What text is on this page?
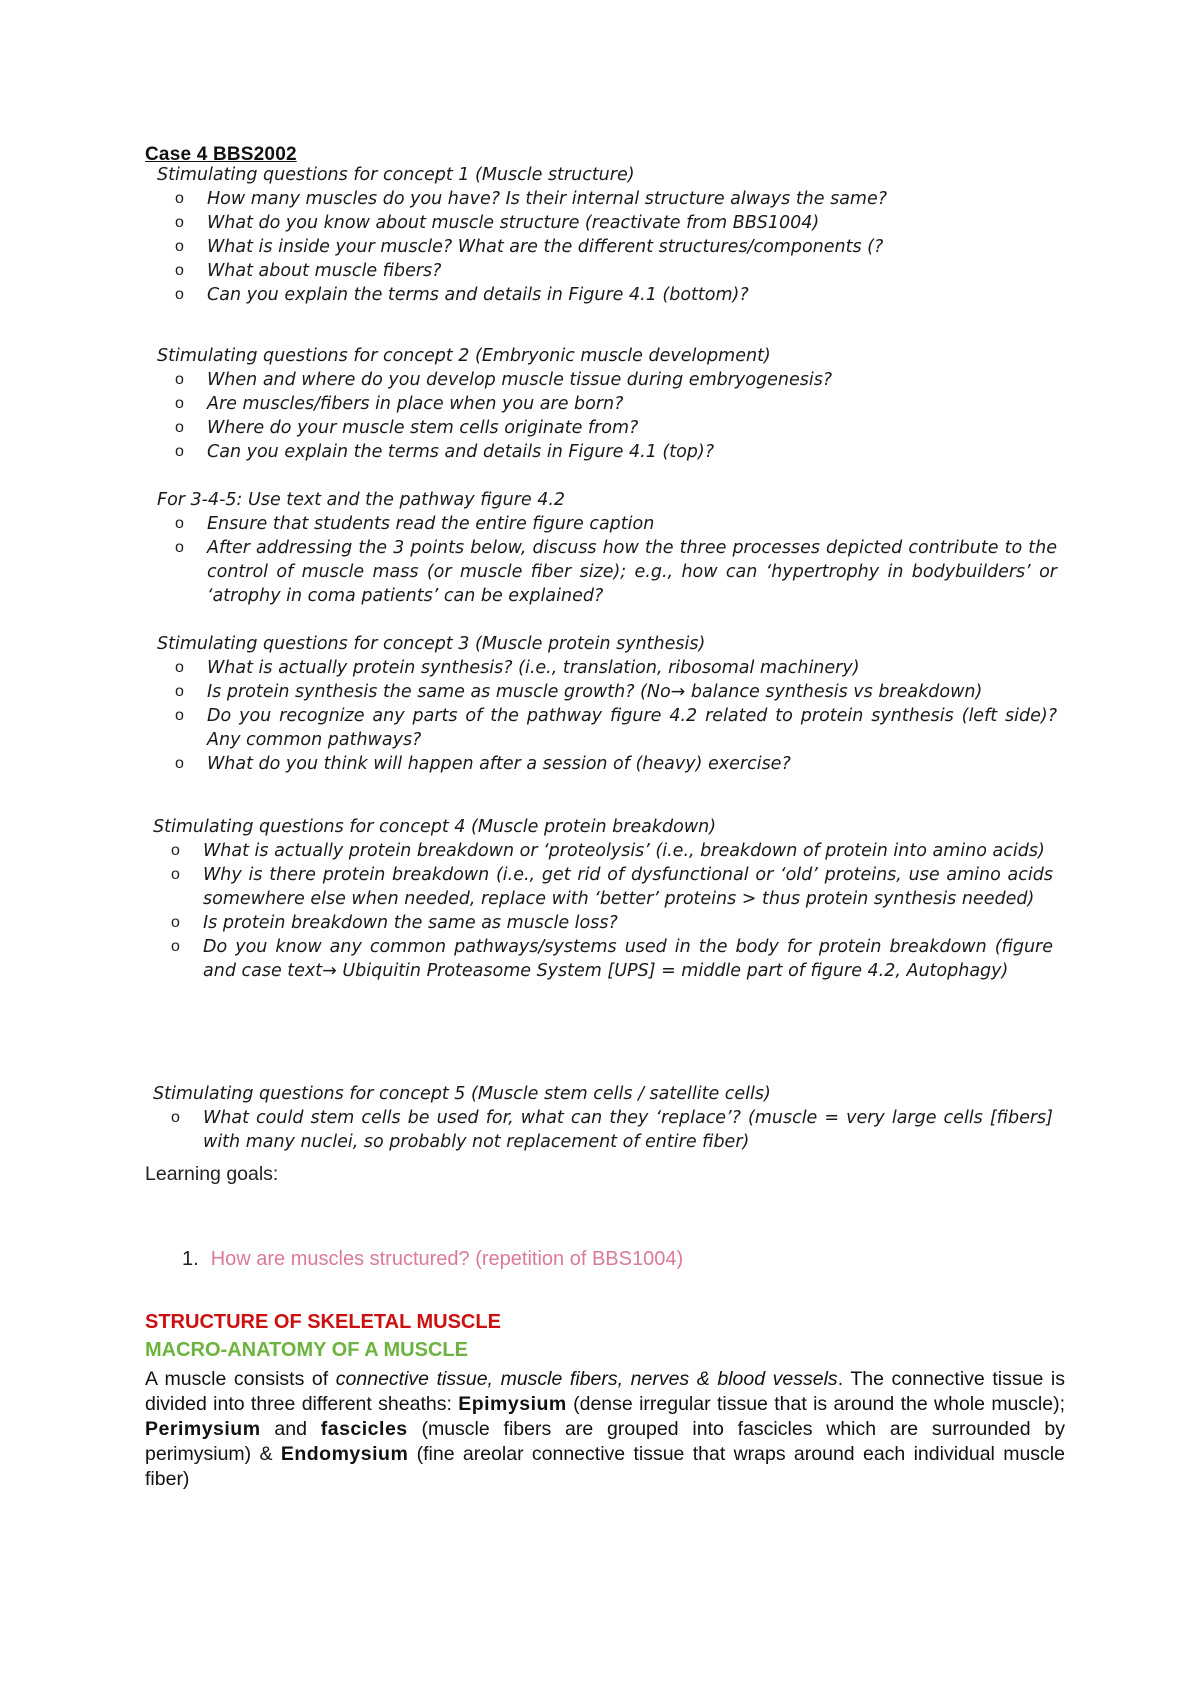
Case 4 BBS2002

Stimulating questions for concept 1 (Muscle structure)

o How many muscles do you have? Is their internal structure always the same?
o What do you know about muscle structure (reactivate from BBS1004)
o What is inside your muscle? What are the different structures/components (?
o What about muscle fibers?
o Can you explain the terms and details in Figure 4.1 (bottom)?

Stimulating questions for concept 2 (Embryonic muscle development)

o When and where do you develop muscle tissue during embryogenesis?
o Are muscles/fibers in place when you are born?
o Where do your muscle stem cells originate from?
o Can you explain the terms and details in Figure 4.1 (top)?

For 3-4-5: Use text and the pathway figure 4.2

o Ensure that students read the entire figure caption
o After addressing the 3 points below, discuss how the three processes depicted contribute to the control of muscle mass (or muscle fiber size); e.g., how can ‘hypertrophy in bodybuilders’ or ‘atrophy in coma patients’ can be explained?

Stimulating questions for concept 3 (Muscle protein synthesis)

o What is actually protein synthesis? (i.e., translation, ribosomal machinery)
o Is protein synthesis the same as muscle growth? (No→ balance synthesis vs breakdown)
o Do you recognize any parts of the pathway figure 4.2 related to protein synthesis (left side)? Any common pathways?
o What do you think will happen after a session of (heavy) exercise?

Stimulating questions for concept 4 (Muscle protein breakdown)

o What is actually protein breakdown or ‘proteolysis’ (i.e., breakdown of protein into amino acids)
o Why is there protein breakdown (i.e., get rid of dysfunctional or ‘old’ proteins, use amino acids somewhere else when needed, replace with ‘better’ proteins > thus protein synthesis needed)
o Is protein breakdown the same as muscle loss?
o Do you know any common pathways/systems used in the body for protein breakdown (figure and case text→ Ubiquitin Proteasome System [UPS] = middle part of figure 4.2, Autophagy)

Stimulating questions for concept 5 (Muscle stem cells / satellite cells)

o What could stem cells be used for, what can they ‘replace’? (muscle = very large cells [fibers] with many nuclei, so probably not replacement of entire fiber)
Learning goals:
1. How are muscles structured? (repetition of BBS1004)
STRUCTURE OF SKELETAL MUSCLE
MACRO-ANATOMY OF A MUSCLE
A muscle consists of connective tissue, muscle fibers, nerves & blood vessels. The connective tissue is divided into three different sheaths: Epimysium (dense irregular tissue that is around the whole muscle); Perimysium and fascicles (muscle fibers are grouped into fascicles which are surrounded by perimysium) & Endomysium (fine areolar connective tissue that wraps around each individual muscle fiber)
